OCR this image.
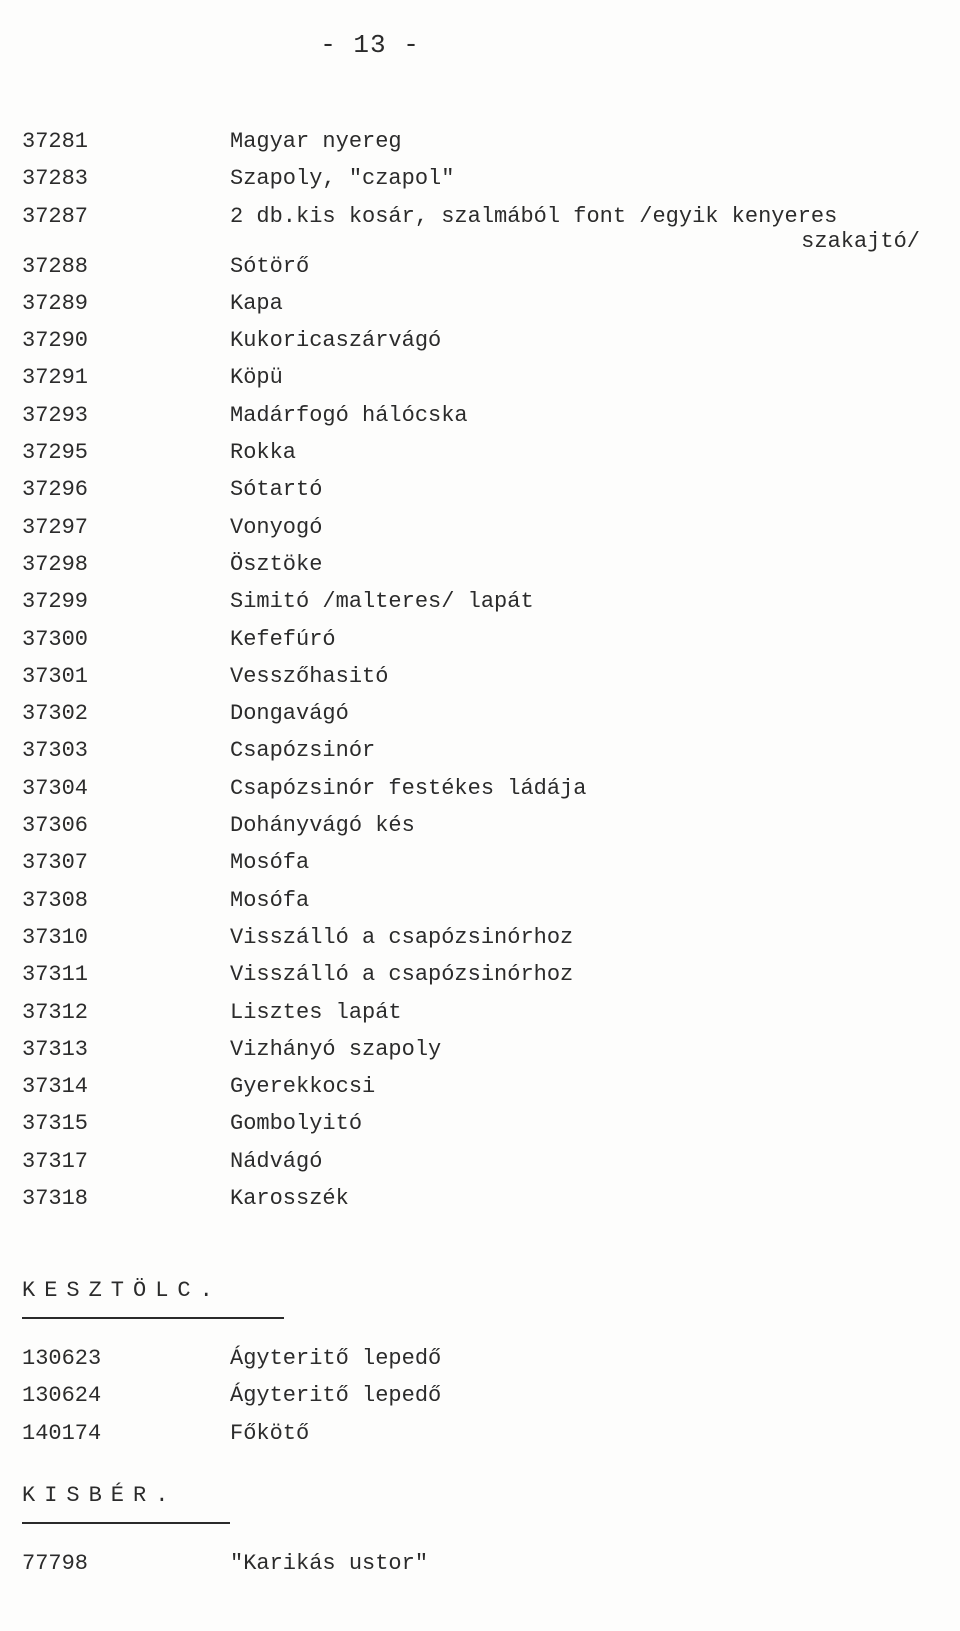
- 13 -
37281	Magyar nyereg
37283	Szapoly, "czapol"
37287	2 db.kis kosár, szalmából font /egyik kenyeres
szakajtó/
37288	Sótörő
37289	Kapa
37290	Kukoricaszárvágó
37291	Köpü
37293	Madárfogó hálócska
37295	Rokka
37296	Sótartó
37297	Vonyogó
37298	Ösztöke
37299	Simitó /malteres/ lapát
37300	Kefefúró
37301	Vesszőhasitó
37302	Dongavágó
37303	Csapózsinór
37304	Csapózsinór festékes ládája
37306	Dohányvágó kés
37307	Mosófa
37308	Mosófa
37310	Visszálló a csapózsinórhoz
37311	Visszálló a csapózsinórhoz
37312	Lisztes lapát
37313	Vizhányó szapoly
37314	Gyerekkocsi
37315	Gombolyitó
37317	Nádvágó
37318	Karosszék
KESZTÖLC.
130623	Ágyteritő lepedő
130624	Ágyteritő lepedő
140174	Főkötő
KISBÉR.
77798	"Karikás ustor"
